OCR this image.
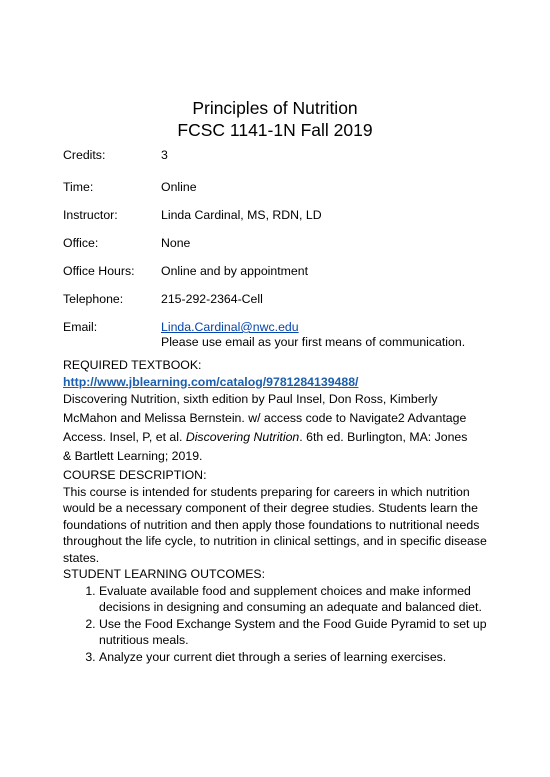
Principles of Nutrition
FCSC 1141-1N Fall 2019
Credits:	3
Time:	Online
Instructor:	Linda Cardinal, MS, RDN, LD
Office:	None
Office Hours: Online and by appointment
Telephone:	215-292-2364-Cell
Email:	Linda.Cardinal@nwc.edu
Please use email as your first means of communication.
REQUIRED TEXTBOOK:
http://www.jblearning.com/catalog/9781284139488/
Discovering Nutrition, sixth edition by Paul Insel, Don Ross, Kimberly
McMahon and Melissa Bernstein. w/ access code to Navigate2 Advantage
Access. Insel, P, et al. Discovering Nutrition. 6th ed. Burlington, MA: Jones
& Bartlett Learning; 2019.
COURSE DESCRIPTION:
This course is intended for students preparing for careers in which nutrition
would be a necessary component of their degree studies. Students learn the
foundations of nutrition and then apply those foundations to nutritional needs
throughout the life cycle, to nutrition in clinical settings, and in specific disease
states.
STUDENT LEARNING OUTCOMES:
1. Evaluate available food and supplement choices and make informed
decisions in designing and consuming an adequate and balanced diet.
2. Use the Food Exchange System and the Food Guide Pyramid to set up
nutritious meals.
3. Analyze your current diet through a series of learning exercises.
